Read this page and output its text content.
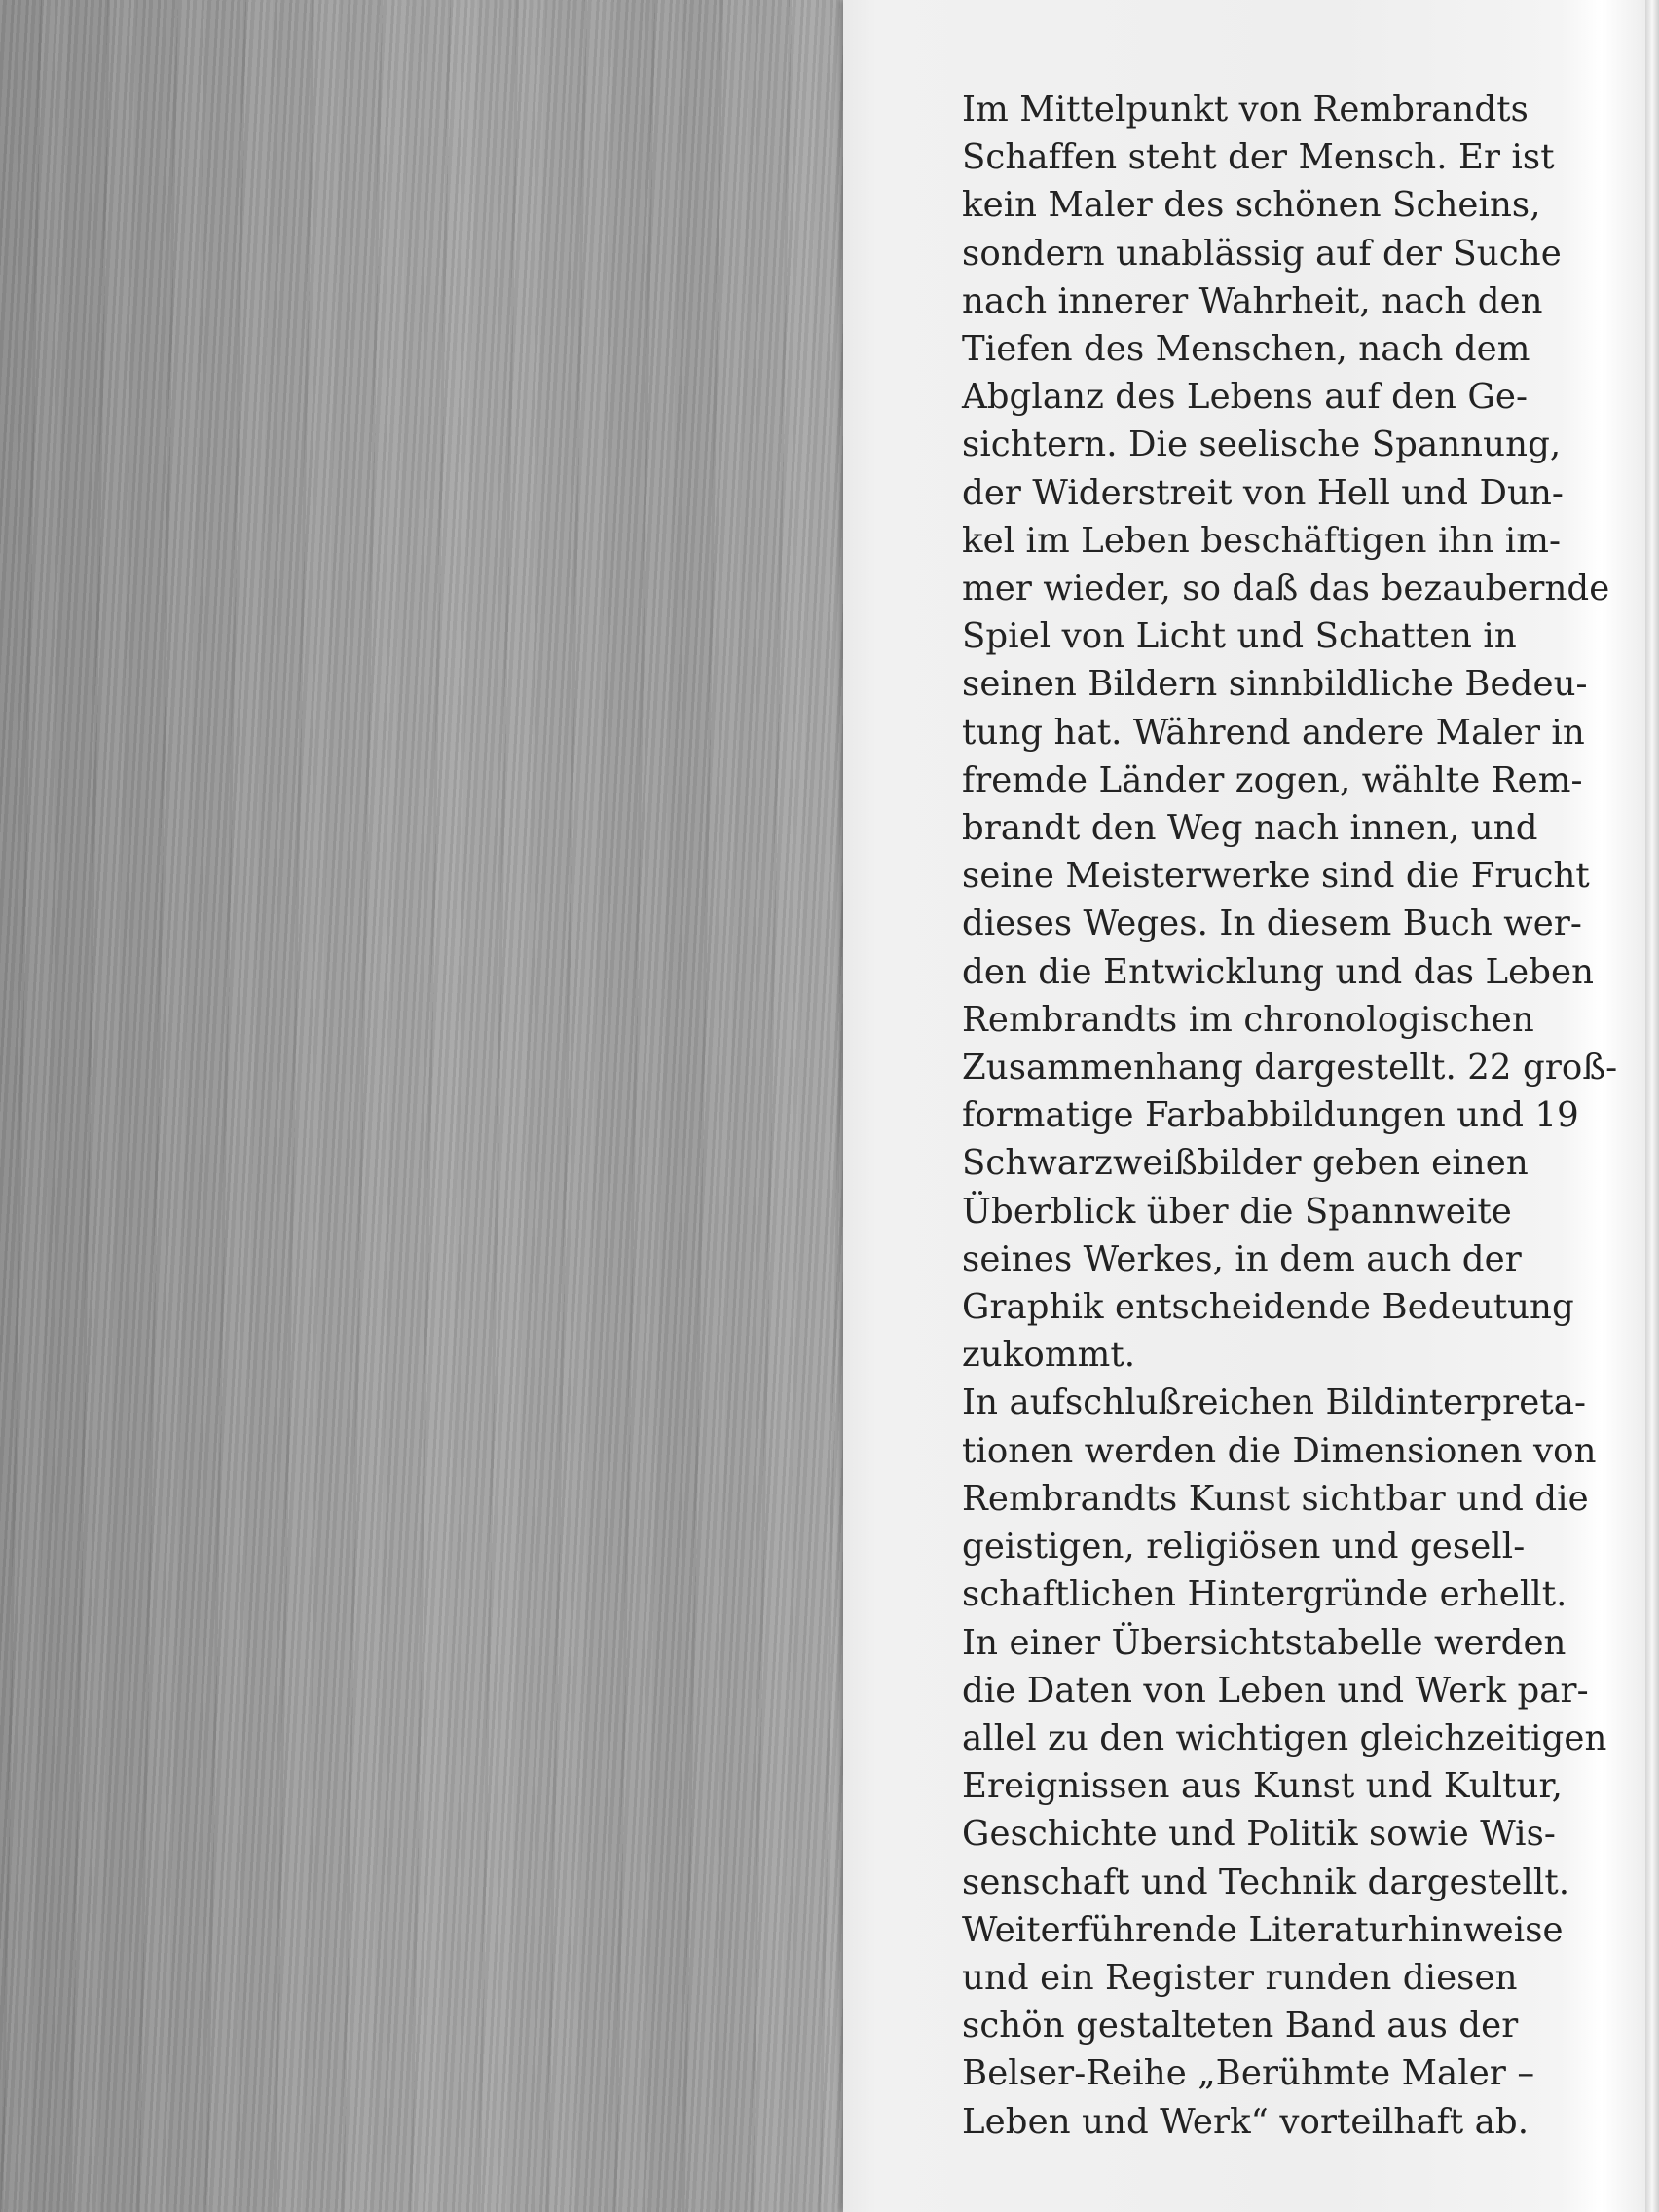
Im Mittelpunkt von Rembrandts
Schaffen steht der Mensch. Er ist
kein Maler des schönen Scheins,
sondern unablässig auf der Suche
nach innerer Wahrheit, nach den
Tiefen des Menschen, nach dem
Abglanz des Lebens auf den Ge-
sichtern. Die seelische Spannung,
der Widerstreit von Hell und Dun-
kel im Leben beschäftigen ihn im-
mer wieder, so daß das bezaubernde
Spiel von Licht und Schatten in
seinen Bildern sinnbildliche Bedeu-
tung hat. Während andere Maler in
fremde Länder zogen, wählte Rem-
brandt den Weg nach innen, und
seine Meisterwerke sind die Frucht
dieses Weges. In diesem Buch wer-
den die Entwicklung und das Leben
Rembrandts im chronologischen
Zusammenhang dargestellt. 22 groß-
formatige Farbabbildungen und 19
Schwarzweißbilder geben einen
Überblick über die Spannweite
seines Werkes, in dem auch der
Graphik entscheidende Bedeutung
zukommt.
In aufschlußreichen Bildinterpreta-
tionen werden die Dimensionen von
Rembrandts Kunst sichtbar und die
geistigen, religiösen und gesell-
schaftlichen Hintergründe erhellt.
In einer Übersichtstabelle werden
die Daten von Leben und Werk par-
allel zu den wichtigen gleichzeitigen
Ereignissen aus Kunst und Kultur,
Geschichte und Politik sowie Wis-
senschaft und Technik dargestellt.
Weiterführende Literaturhinweise
und ein Register runden diesen
schön gestalteten Band aus der
Belser-Reihe „Berühmte Maler –
Leben und Werk“ vorteilhaft ab.
